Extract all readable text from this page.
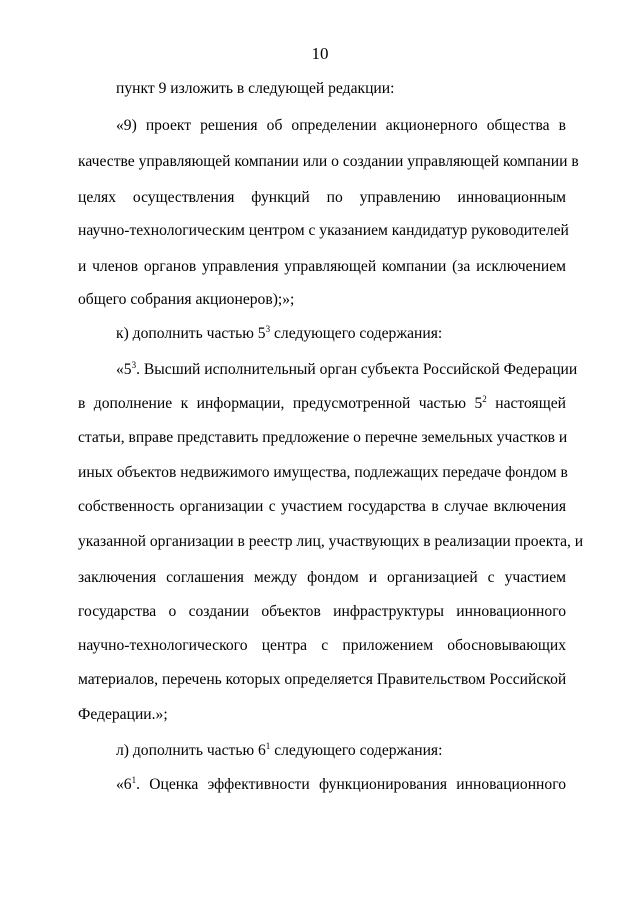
10
пункт 9 изложить в следующей редакции:
«9) проект решения об определении акционерного общества в
качестве управляющей компании или о создании управляющей компании в
целях осуществления функций по управлению инновационным
научно-технологическим центром с указанием кандидатур руководителей
и членов органов управления управляющей компании (за исключением
общего собрания акционеров);»;
к) дополнить частью $5^3$ следующего содержания:
«$5^3$. Высший исполнительный орган субъекта Российской Федерации
в дополнение к информации, предусмотренной частью $5^2$ настоящей
статьи, вправе представить предложение о перечне земельных участков и
иных объектов недвижимого имущества, подлежащих передаче фондом в
собственность организации с участием государства в случае включения
указанной организации в реестр лиц, участвующих в реализации проекта, и
заключения соглашения между фондом и организацией с участием
государства о создании объектов инфраструктуры инновационного
научно-технологического центра с приложением обосновывающих
материалов, перечень которых определяется Правительством Российской
Федерации.»;
л) дополнить частью $6^1$ следующего содержания:
«$6^1$. Оценка эффективности функционирования инновационного
